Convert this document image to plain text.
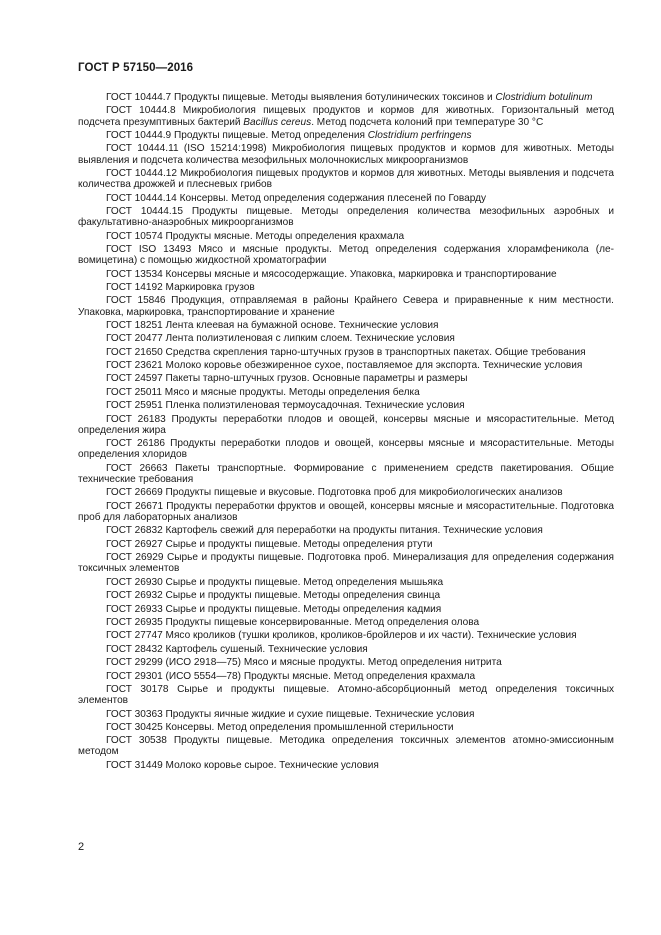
ГОСТ Р 57150—2016

ГОСТ 10444.7 Продукты пищевые. Методы выявления ботулинических токсинов и Clostridium botulinum

ГОСТ 10444.8 Микробиология пищевых продуктов и кормов для животных. Горизонтальный метод подсчета презумптивных бактерий Bacillus cereus. Метод подсчета колоний при температуре 30 °С

ГОСТ 10444.9 Продукты пищевые. Метод определения Clostridium perfringens

ГОСТ 10444.11 (ISO 15214:1998) Микробиология пищевых продуктов и кормов для животных. Методы выявления и подсчета количества мезофильных молочнокислых микроорганизмов

ГОСТ 10444.12 Микробиология пищевых продуктов и кормов для животных. Методы выявления и подсчета количества дрожжей и плесневых грибов

ГОСТ 10444.14 Консервы. Метод определения содержания плесеней по Говарду

ГОСТ 10444.15 Продукты пищевые. Методы определения количества мезофильных аэробных и факультативно-анаэробных микроорганизмов

ГОСТ 10574 Продукты мясные. Методы определения крахмала

ГОСТ ISO 13493 Мясо и мясные продукты. Метод определения содержания хлорамфеникола (левомицетина) с помощью жидкостной хроматографии

ГОСТ 13534 Консервы мясные и мясосодержащие. Упаковка, маркировка и транспортирование

ГОСТ 14192 Маркировка грузов

ГОСТ 15846 Продукция, отправляемая в районы Крайнего Севера и приравненные к ним местности. Упаковка, маркировка, транспортирование и хранение

ГОСТ 18251 Лента клеевая на бумажной основе. Технические условия

ГОСТ 20477 Лента полиэтиленовая с липким слоем. Технические условия

ГОСТ 21650 Средства скрепления тарно-штучных грузов в транспортных пакетах. Общие требования

ГОСТ 23621 Молоко коровье обезжиренное сухое, поставляемое для экспорта. Технические условия

ГОСТ 24597 Пакеты тарно-штучных грузов. Основные параметры и размеры

ГОСТ 25011 Мясо и мясные продукты. Методы определения белка

ГОСТ 25951 Пленка полиэтиленовая термоусадочная. Технические условия

ГОСТ 26183 Продукты переработки плодов и овощей, консервы мясные и мясорастительные. Метод определения жира

ГОСТ 26186 Продукты переработки плодов и овощей, консервы мясные и мясорастительные. Методы определения хлоридов

ГОСТ 26663 Пакеты транспортные. Формирование с применением средств пакетирования. Общие технические требования

ГОСТ 26669 Продукты пищевые и вкусовые. Подготовка проб для микробиологических анализов

ГОСТ 26671 Продукты переработки фруктов и овощей, консервы мясные и мясорастительные. Подготовка проб для лабораторных анализов

ГОСТ 26832 Картофель свежий для переработки на продукты питания. Технические условия

ГОСТ 26927 Сырье и продукты пищевые. Методы определения ртути

ГОСТ 26929 Сырье и продукты пищевые. Подготовка проб. Минерализация для определения содержания токсичных элементов

ГОСТ 26930 Сырье и продукты пищевые. Метод определения мышьяка

ГОСТ 26932 Сырье и продукты пищевые. Методы определения свинца

ГОСТ 26933 Сырье и продукты пищевые. Методы определения кадмия

ГОСТ 26935 Продукты пищевые консервированные. Метод определения олова

ГОСТ 27747 Мясо кроликов (тушки кроликов, кроликов-бройлеров и их части). Технические условия

ГОСТ 28432 Картофель сушеный. Технические условия

ГОСТ 29299 (ИСО 2918—75) Мясо и мясные продукты. Метод определения нитрита

ГОСТ 29301 (ИСО 5554—78) Продукты мясные. Метод определения крахмала

ГОСТ 30178 Сырье и продукты пищевые. Атомно-абсорбционный метод определения токсичных элементов

ГОСТ 30363 Продукты яичные жидкие и сухие пищевые. Технические условия

ГОСТ 30425 Консервы. Метод определения промышленной стерильности

ГОСТ 30538 Продукты пищевые. Методика определения токсичных элементов атомно-эмиссионным методом

ГОСТ 31449 Молоко коровье сырое. Технические условия

2
